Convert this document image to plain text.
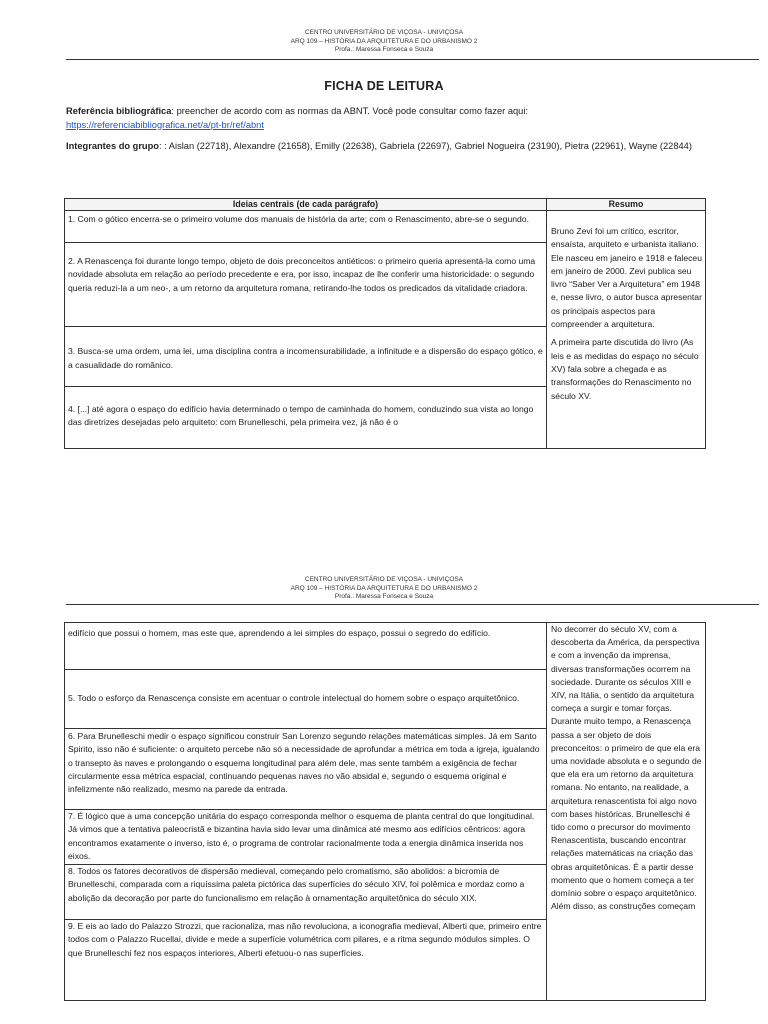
CENTRO UNIVERSITÁRIO DE VIÇOSA - UNIVIÇOSA
ARQ 109 – HISTÓRIA DA ARQUITETURA E DO URBANISMO 2
Profa.: Maressa Fonseca e Souza
FICHA DE LEITURA
Referência bibliográfica: preencher de acordo com as normas da ABNT. Você pode consultar como fazer aqui:
https://referenciabibliografica.net/a/pt-br/ref/abnt
Integrantes do grupo: : Aislan (22718), Alexandre (21658), Emilly (22638), Gabriela (22697), Gabriel Nogueira (23190), Pietra (22961), Wayne (22844)
Ideias centrais (de cada parágrafo)	Resumo
1. Com o gótico encerra-se o primeiro volume dos manuais de história da arte; com o Renascimento, abre-se o segundo.	Bruno Zevi foi um crítico, escritor, ensaísta, arquiteto e urbanista italiano. Ele nasceu em janeiro e 1918 e faleceu em janeiro de 2000. Zevi publica seu livro “Saber Ver a Arquitetura” em 1948 e, nesse livro, o autor busca apresentar os principais aspectos para compreender a arquitetura.

A primeira parte discutida do livro (As leis e as medidas do espaço no século XV) fala sobre a chegada e as transformações do Renascimento no século XV.

2. A Renascença foi durante longo tempo, objeto de dois preconceitos antiéticos: o primeiro queria apresentá-la como uma novidade absoluta em relação ao período precedente e era, por isso, incapaz de lhe conferir uma historicidade: o segundo queria reduzi-la a um neo-, a um retorno da arquitetura romana, retirando-lhe todos os predicados da vitalidade criadora.	
3. Busca-se uma ordem, uma lei, uma disciplina contra a incomensurabilidade, a infinitude e a dispersão do espaço gótico, e a casualidade do românico.	
4. [...] até agora o espaço do edifício havia determinado o tempo de caminhada do homem, conduzindo sua vista ao longo das diretrizes desejadas pelo arquiteto: com Brunelleschi, pela primeira vez, já não é o	
CENTRO UNIVERSITÁRIO DE VIÇOSA - UNIVIÇOSA
ARQ 109 – HISTÓRIA DA ARQUITETURA E DO URBANISMO 2
Profa.: Maressa Fonseca e Souza
edifício que possui o homem, mas este que, aprendendo a lei simples do espaço, possui o segredo do edifício.	No decorrer do século XV, com a descoberta da América, da perspectiva e com a invenção da imprensa, diversas transformações ocorrem na sociedade. Durante os séculos XIII e XIV, na Itália, o sentido da arquitetura começa a surgir e tomar forças. Durante muito tempo, a Renascença passa a ser objeto de dois preconceitos: o primeiro de que ela era uma novidade absoluta e o segundo de que ela era um retorno da arquitetura romana. No entanto, na realidade, a arquitetura renascentista foi algo novo com bases históricas. Brunelleschi é tido como o precursor do movimento Renascentista, buscando encontrar relações matemáticas na criação das obras arquitetônicas. É a partir desse momento que o homem começa a ter domínio sobre o espaço arquitetônico. Além disso, as construções começam

5. Todo o esforço da Renascença consiste em acentuar o controle intelectual do homem sobre o espaço arquitetônico.
6. Para Brunelleschi medir o espaço significou construir San Lorenzo segundo relações matemáticas simples. Já em Santo Spirito, isso não é suficiente: o arquiteto percebe não só a necessidade de aprofundar a métrica em toda a igreja, igualando o transepto às naves e prolongando o esquema longitudinal para além dele, mas sente também a exigência de fechar circularmente essa métrica espacial, continuando pequenas naves no vão absidal e, segundo o esquema original e infelizmente não realizado, mesmo na parede da entrada.
7. É lógico que a uma concepção unitária do espaço corresponda melhor o esquema de planta central do que longitudinal. Já vimos que a tentativa paleocristã e bizantina havia sido levar uma dinâmica até mesmo aos edifícios cêntricos: agora encontramos exatamente o inverso, isto é, o programa de controlar racionalmente toda a energia dinâmica inserida nos eixos.
8. Todos os fatores decorativos de dispersão medieval, começando pelo cromatismo, são abolidos: a bicromia de Brunelleschi, comparada com a riquíssima paleta pictórica das superfícies do século XIV, foi polêmica e mordaz como a abolição da decoração por parte do funcionalismo em relação à ornamentação arquitetônica do século XIX.
9. E eis ao lado do Palazzo Strozzi, que racionaliza, mas não revoluciona, a iconografia medieval, Alberti que, primeiro entre todos com o Palazzo Rucellai, divide e mede a superfície volumétrica com pilares, e a ritma segundo módulos simples. O que Brunelleschi fez nos espaços interiores, Alberti efetuou-o nas superfícies.
